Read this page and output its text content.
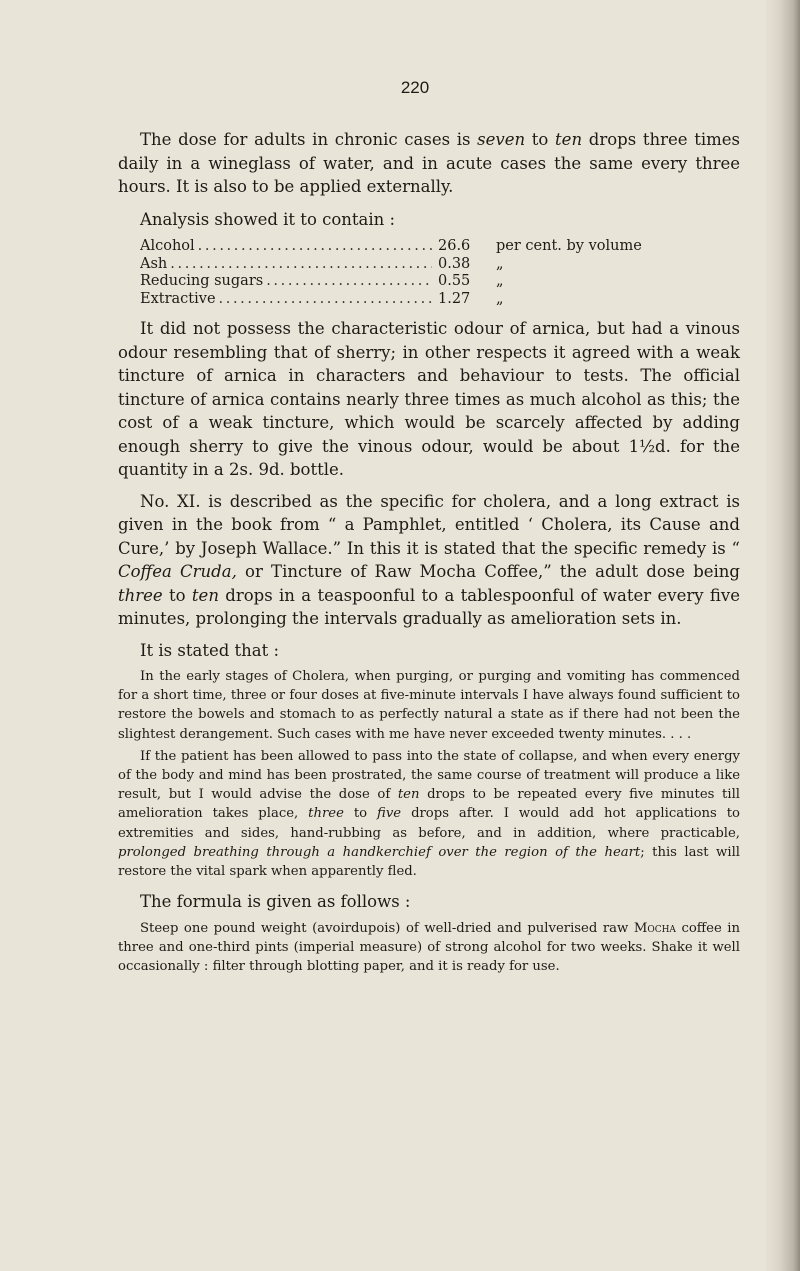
220

The dose for adults in chronic cases is seven to ten drops three times daily in a wineglass of water, and in acute cases the same every three hours. It is also to be applied externally.

Analysis showed it to contain :
Alcohol . . .	26.6	per cent. by volume

Ash . . .	0.38	„

Reducing sugars . . .	0.55	„

Extractive . . .	1.27	„

It did not possess the characteristic odour of arnica, but had a vinous odour resembling that of sherry; in other respects it agreed with a weak tincture of arnica in characters and behaviour to tests. The official tincture of arnica contains nearly three times as much alcohol as this; the cost of a weak tincture, which would be scarcely affected by adding enough sherry to give the vinous odour, would be about 1½d. for the quantity in a 2s. 9d. bottle.

No. XI. is described as the specific for cholera, and a long extract is given in the book from “ a Pamphlet, entitled ‘ Cholera, its Cause and Cure,’ by Joseph Wallace.” In this it is stated that the specific remedy is “ Coffea Cruda, or Tincture of Raw Mocha Coffee,” the adult dose being three to ten drops in a teaspoonful to a tablespoonful of water every five minutes, prolonging the intervals gradually as amelioration sets in.

It is stated that :

In the early stages of Cholera, when purging, or purging and vomiting has commenced for a short time, three or four doses at five-minute intervals I have always found sufficient to restore the bowels and stomach to as perfectly natural a state as if there had not been the slightest derangement. Such cases with me have never exceeded twenty minutes. . . .

If the patient has been allowed to pass into the state of collapse, and when every energy of the body and mind has been prostrated, the same course of treatment will produce a like result, but I would advise the dose of ten drops to be repeated every five minutes till amelioration takes place, three to five drops after. I would add hot applications to extremities and sides, hand-rubbing as before, and in addition, where practicable, prolonged breathing through a handkerchief over the region of the heart; this last will restore the vital spark when apparently fled.

The formula is given as follows :

Steep one pound weight (avoirdupois) of well-dried and pulverised raw Mocha coffee in three and one-third pints (imperial measure) of strong alcohol for two weeks. Shake it well occasionally : filter through blotting paper, and it is ready for use.
